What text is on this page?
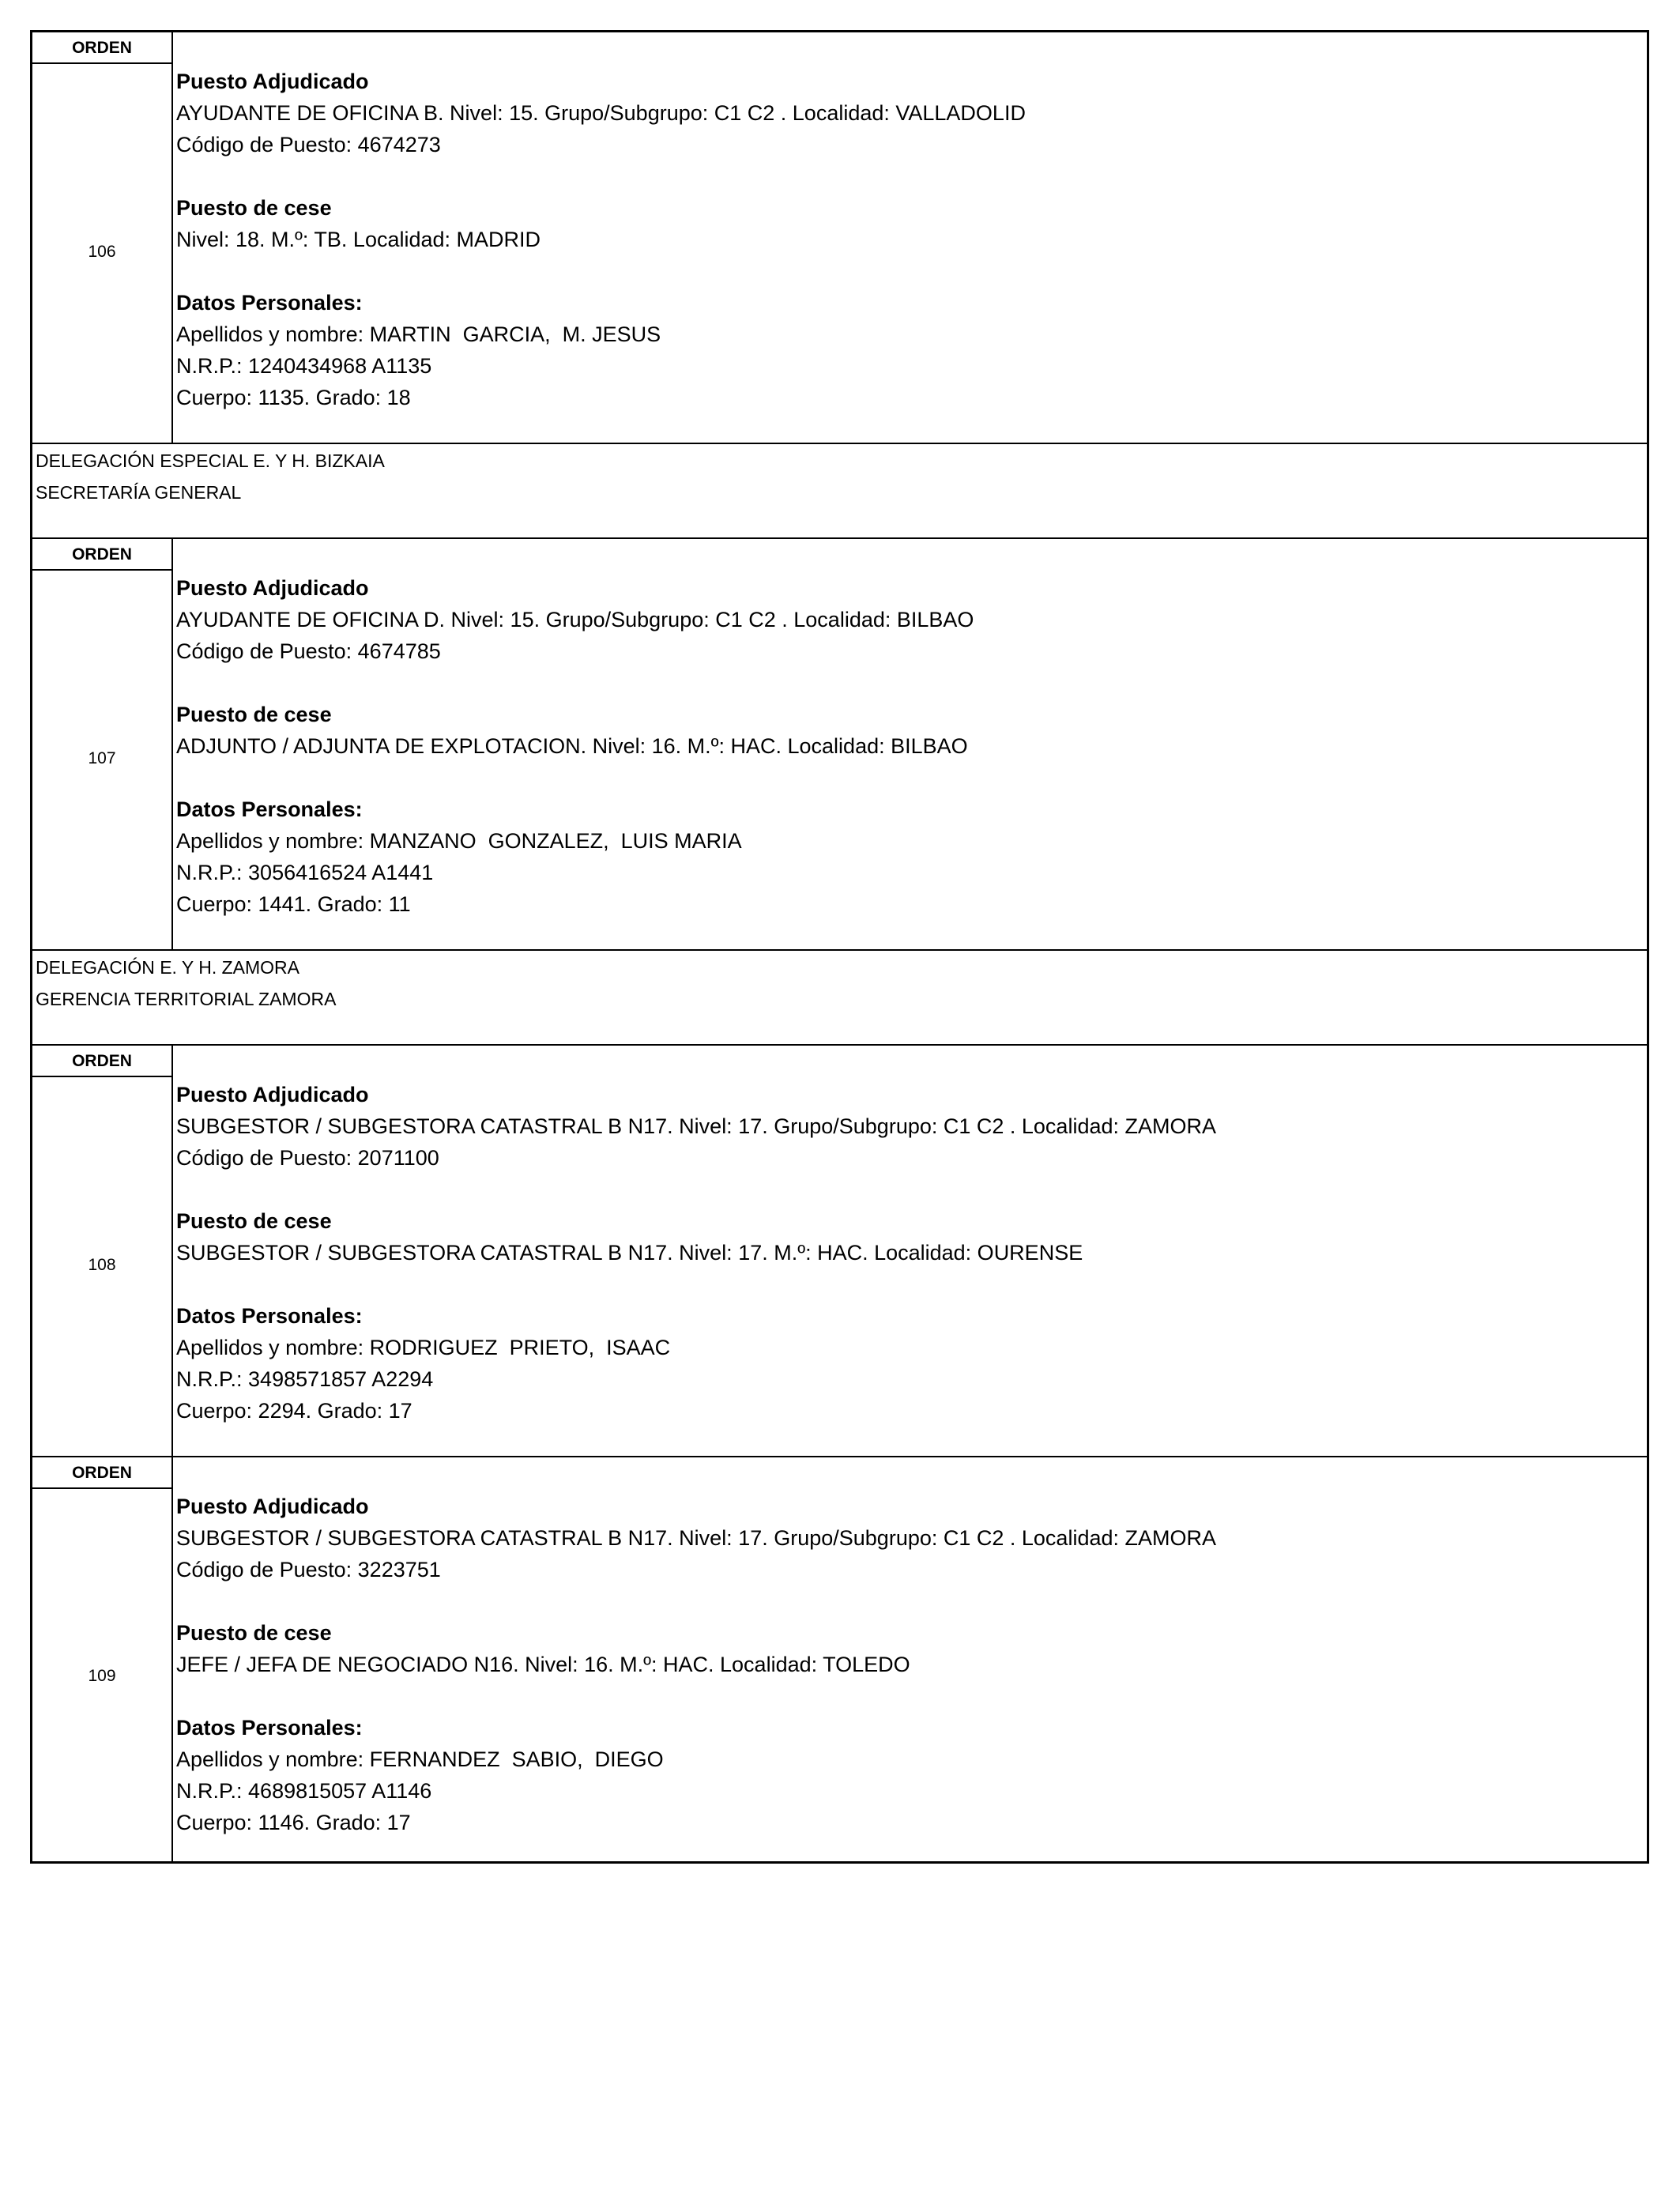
ORDEN
106
Puesto Adjudicado
AYUDANTE DE OFICINA B. Nivel: 15. Grupo/Subgrupo: C1 C2 . Localidad: VALLADOLID
Código de Puesto: 4674273
Puesto de cese
Nivel: 18. M.º: TB. Localidad: MADRID
Datos Personales:
Apellidos y nombre: MARTIN  GARCIA,  M. JESUS
N.R.P.: 1240434968 A1135
Cuerpo: 1135. Grado: 18
DELEGACIÓN ESPECIAL E. Y H. BIZKAIA
SECRETARÍA GENERAL
ORDEN
107
Puesto Adjudicado
AYUDANTE DE OFICINA D. Nivel: 15. Grupo/Subgrupo: C1 C2 . Localidad: BILBAO
Código de Puesto: 4674785
Puesto de cese
ADJUNTO / ADJUNTA DE EXPLOTACION. Nivel: 16. M.º: HAC. Localidad: BILBAO
Datos Personales:
Apellidos y nombre: MANZANO  GONZALEZ,  LUIS MARIA
N.R.P.: 3056416524 A1441
Cuerpo: 1441. Grado: 11
DELEGACIÓN E. Y H. ZAMORA
GERENCIA TERRITORIAL ZAMORA
ORDEN
108
Puesto Adjudicado
SUBGESTOR / SUBGESTORA CATASTRAL B N17. Nivel: 17. Grupo/Subgrupo: C1 C2 . Localidad: ZAMORA
Código de Puesto: 2071100
Puesto de cese
SUBGESTOR / SUBGESTORA CATASTRAL B N17. Nivel: 17. M.º: HAC. Localidad: OURENSE
Datos Personales:
Apellidos y nombre: RODRIGUEZ  PRIETO,  ISAAC
N.R.P.: 3498571857 A2294
Cuerpo: 2294. Grado: 17
ORDEN
109
Puesto Adjudicado
SUBGESTOR / SUBGESTORA CATASTRAL B N17. Nivel: 17. Grupo/Subgrupo: C1 C2 . Localidad: ZAMORA
Código de Puesto: 3223751
Puesto de cese
JEFE / JEFA DE NEGOCIADO N16. Nivel: 16. M.º: HAC. Localidad: TOLEDO
Datos Personales:
Apellidos y nombre: FERNANDEZ  SABIO,  DIEGO
N.R.P.: 4689815057 A1146
Cuerpo: 1146. Grado: 17
